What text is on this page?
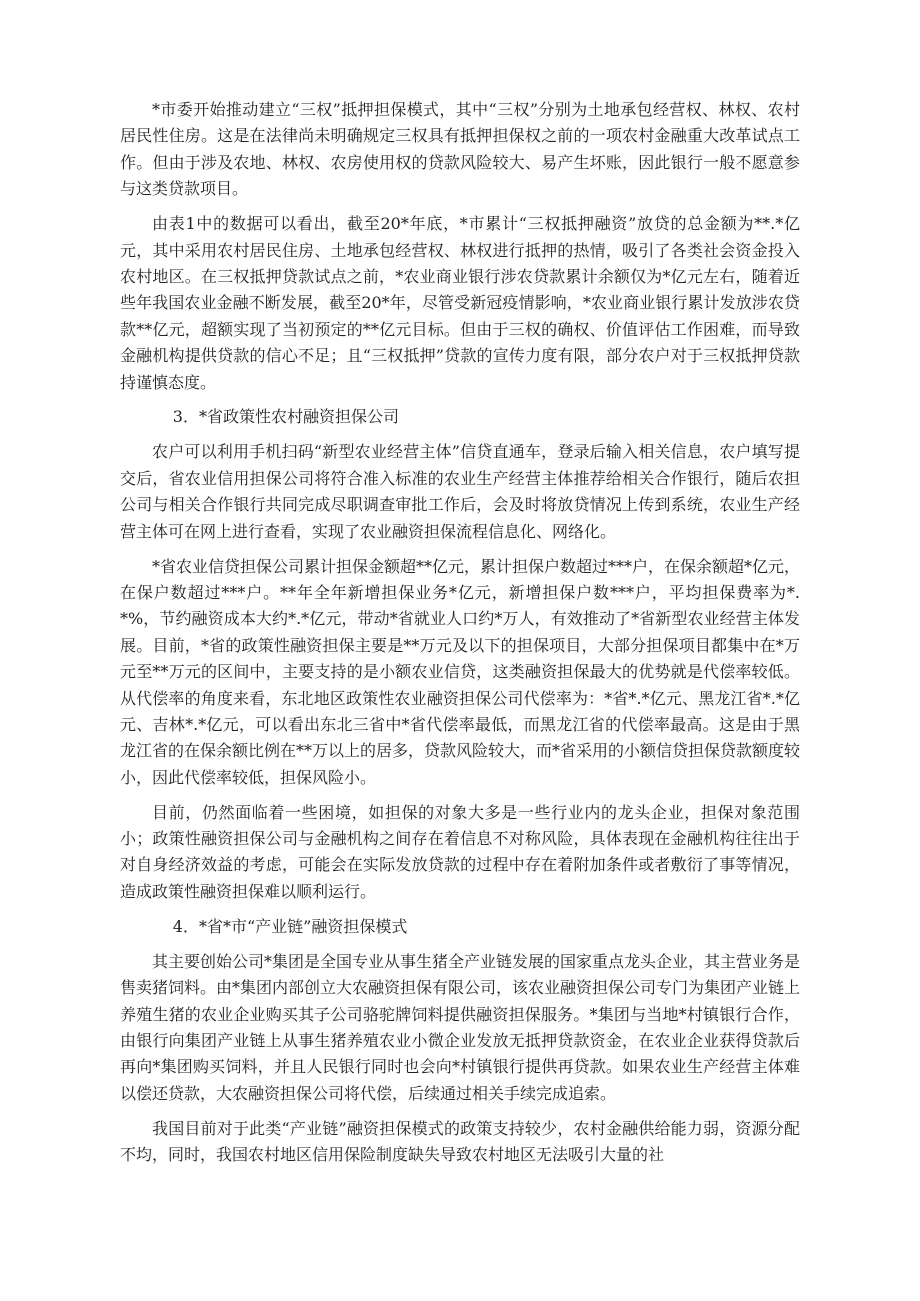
*市委开始推动建立“三权”抵押担保模式，其中“三权”分别为土地承包经营权、林权、农村居民性住房。这是在法律尚未明确规定三权具有抵押担保权之前的一项农村金融重大改革试点工作。但由于涉及农地、林权、农房使用权的贷款风险较大、易产生坏账，因此银行一般不愿意参与这类贷款项目。

由表1中的数据可以看出，截至20*年底，*市累计“三权抵押融资”放贷的总金额为**.*亿元，其中采用农村居民住房、土地承包经营权、林权进行抵押的热情，吸引了各类社会资金投入农村地区。在三权抵押贷款试点之前，*农业商业银行涉农贷款累计余额仅为*亿元左右，随着近些年我国农业金融不断发展，截至20*年，尽管受新冠疫情影响，*农业商业银行累计发放涉农贷款**亿元，超额实现了当初预定的**亿元目标。但由于三权的确权、价值评估工作困难，而导致金融机构提供贷款的信心不足；且“三权抵押”贷款的宣传力度有限，部分农户对于三权抵押贷款持谨慎态度。

3．*省政策性农村融资担保公司

农户可以利用手机扫码“新型农业经营主体”信贷直通车，登录后输入相关信息，农户填写提交后，省农业信用担保公司将符合准入标准的农业生产经营主体推荐给相关合作银行，随后农担公司与相关合作银行共同完成尽职调查审批工作后，会及时将放贷情况上传到系统，农业生产经营主体可在网上进行查看，实现了农业融资担保流程信息化、网络化。

*省农业信贷担保公司累计担保金额超**亿元，累计担保户数超过***户，在保余额超*亿元，在保户数超过***户。**年全年新增担保业务*亿元，新增担保户数***户，平均担保费率为*.*%，节约融资成本大约*.*亿元，带动*省就业人口约*万人，有效推动了*省新型农业经营主体发展。目前，*省的政策性融资担保主要是**万元及以下的担保项目，大部分担保项目都集中在*万元至**万元的区间中，主要支持的是小额农业信贷，这类融资担保最大的优势就是代偿率较低。从代偿率的角度来看，东北地区政策性农业融资担保公司代偿率为：*省*.*亿元、黑龙江省*.*亿元、吉林*.*亿元，可以看出东北三省中*省代偿率最低，而黑龙江省的代偿率最高。这是由于黑龙江省的在保余额比例在**万以上的居多，贷款风险较大，而*省采用的小额信贷担保贷款额度较小，因此代偿率较低，担保风险小。

目前，仍然面临着一些困境，如担保的对象大多是一些行业内的龙头企业，担保对象范围小；政策性融资担保公司与金融机构之间存在着信息不对称风险，具体表现在金融机构往往出于对自身经济效益的考虑，可能会在实际发放贷款的过程中存在着附加条件或者敷衍了事等情况，造成政策性融资担保难以顺利运行。

4．*省*市“产业链”融资担保模式

其主要创始公司*集团是全国专业从事生猪全产业链发展的国家重点龙头企业，其主营业务是售卖猪饲料。由*集团内部创立大农融资担保有限公司，该农业融资担保公司专门为集团产业链上养殖生猪的农业企业购买其子公司骆驼牌饲料提供融资担保服务。*集团与当地*村镇银行合作，由银行向集团产业链上从事生猪养殖农业小微企业发放无抵押贷款资金，在农业企业获得贷款后再向*集团购买饲料，并且人民银行同时也会向*村镇银行提供再贷款。如果农业生产经营主体难以偿还贷款，大农融资担保公司将代偿，后续通过相关手续完成追索。

我国目前对于此类“产业链”融资担保模式的政策支持较少，农村金融供给能力弱，资源分配不均，同时，我国农村地区信用保险制度缺失导致农村地区无法吸引大量的社
